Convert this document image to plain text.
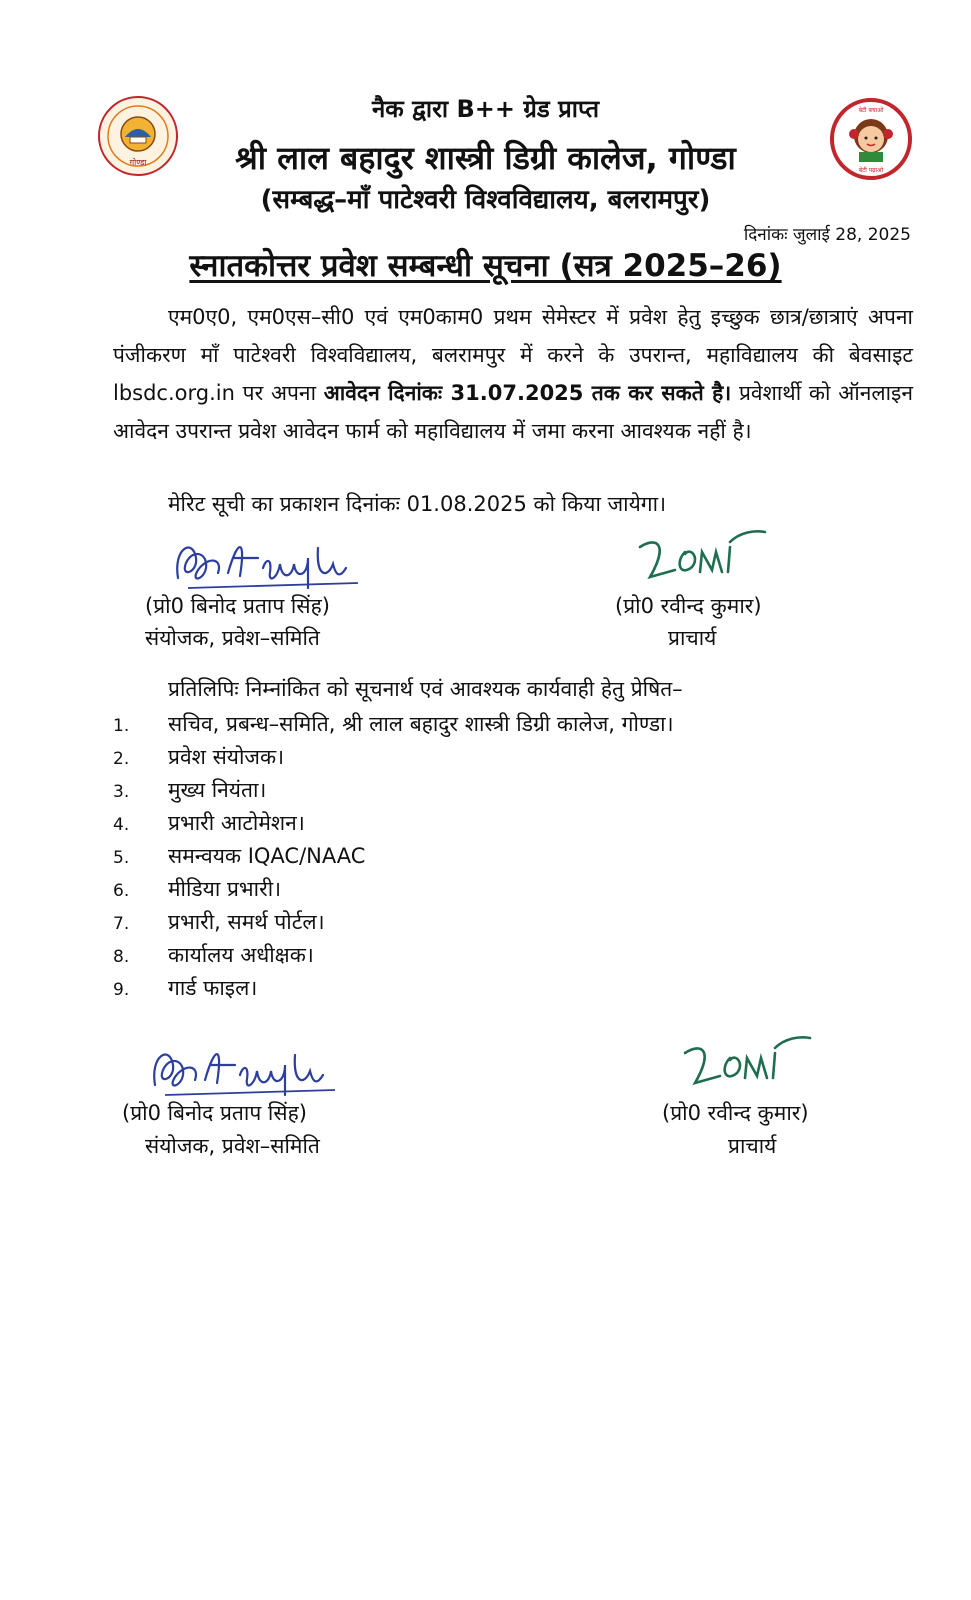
गोण्डा
बेटी बचाओ
बेटी पढ़ाओ
नैक द्वारा B++ ग्रेड प्राप्त
श्री लाल बहादुर शास्त्री डिग्री कालेज, गोण्डा
(सम्बद्ध–माँ पाटेश्वरी विश्वविद्यालय, बलरामपुर)
दिनांकः जुलाई 28, 2025
स्नातकोत्तर प्रवेश सम्बन्धी सूचना (सत्र 2025–26)
एम0ए0, एम0एस–सी0 एवं एम0काम0 प्रथम सेमेस्टर में प्रवेश हेतु इच्छुक छात्र/छात्राएं अपना पंजीकरण माँ पाटेश्वरी विश्वविद्यालय, बलरामपुर में करने के उपरान्त, महाविद्यालय की बेवसाइट lbsdc.org.in पर अपना आवेदन दिनांकः 31.07.2025 तक कर सकते है। प्रवेशार्थी को ऑनलाइन आवेदन उपरान्त प्रवेश आवेदन फार्म को महाविद्यालय में जमा करना आवश्यक नहीं है।
मेरिट सूची का प्रकाशन दिनांकः 01.08.2025 को किया जायेगा।
(प्रो0 बिनोद प्रताप सिंह)
संयोजक, प्रवेश–समिति
(प्रो0 रवीन्द कुमार)
प्राचार्य
प्रतिलिपिः निम्नांकित को सूचनार्थ एवं आवश्यक कार्यवाही हेतु प्रेषित–
1. सचिव, प्रबन्ध–समिति, श्री लाल बहादुर शास्त्री डिग्री कालेज, गोण्डा।
2. प्रवेश संयोजक।
3. मुख्य नियंता।
4. प्रभारी आटोमेशन।
5. समन्वयक IQAC/NAAC
6. मीडिया प्रभारी।
7. प्रभारी, समर्थ पोर्टल।
8. कार्यालय अधीक्षक।
9. गार्ड फाइल।
(प्रो0 बिनोद प्रताप सिंह)
संयोजक, प्रवेश–समिति
(प्रो0 रवीन्द कुमार)
प्राचार्य
